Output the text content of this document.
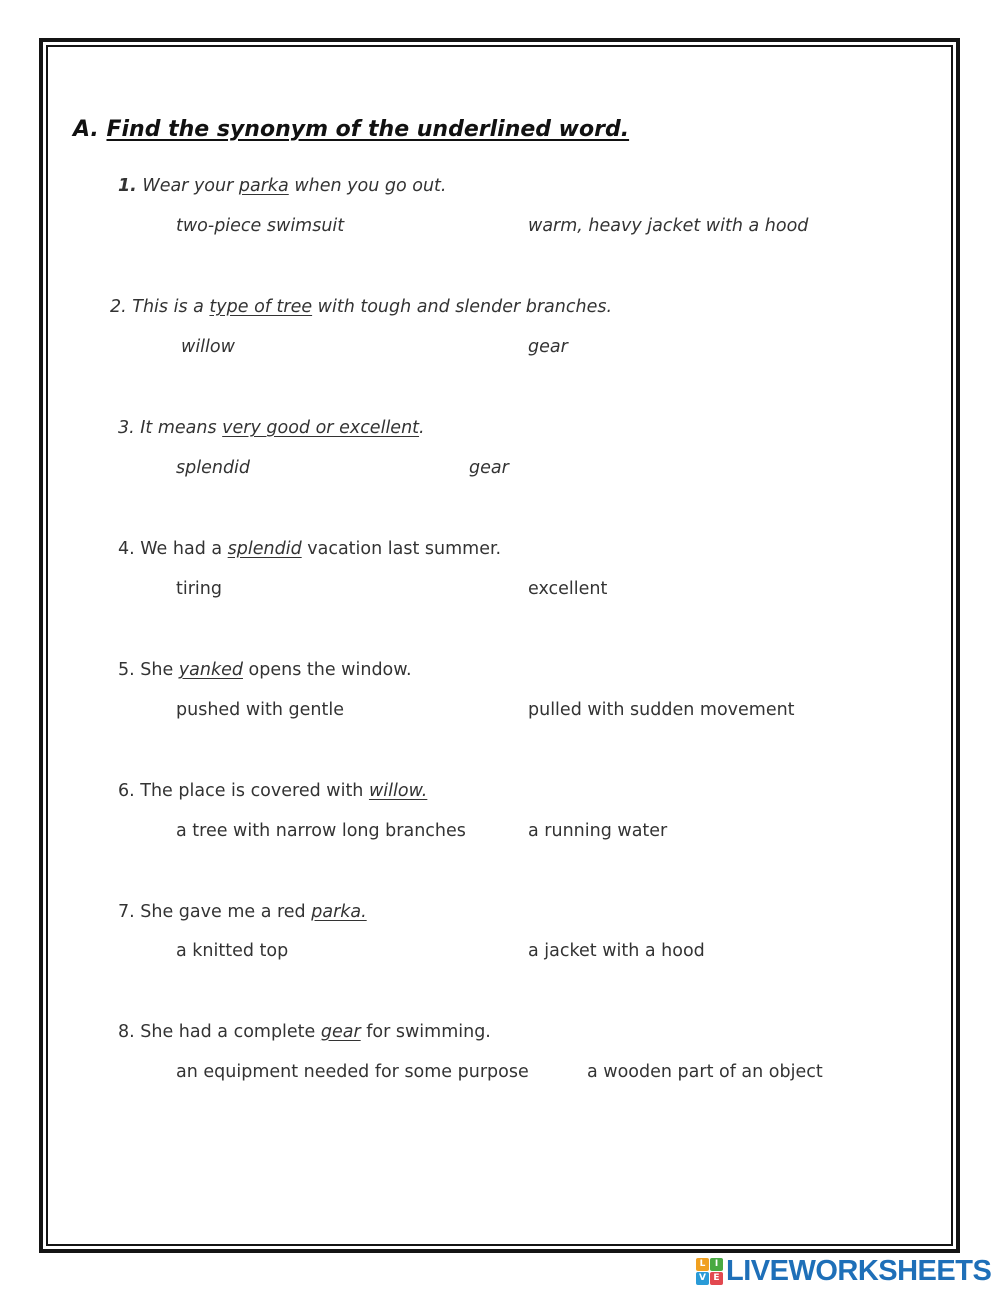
A. Find the synonym of the underlined word.
1. Wear your parka when you go out.
two-piece swimsuit	warm, heavy jacket with a hood
2. This is a type of tree with tough and slender branches.
willow	gear
3. It means very good or excellent.
splendid	gear
4. We had a splendid vacation last summer.
tiring	excellent
5. She yanked opens the window.
pushed with gentle	pulled with sudden movement
6. The place is covered with willow.
a tree with narrow long branches	a running water
7. She gave me a red parka.
a knitted top	a jacket with a hood
8. She had a complete gear for swimming.
an equipment needed for some purpose	a wooden part of an object
L	I
V E LIVEWORKSHEETS
